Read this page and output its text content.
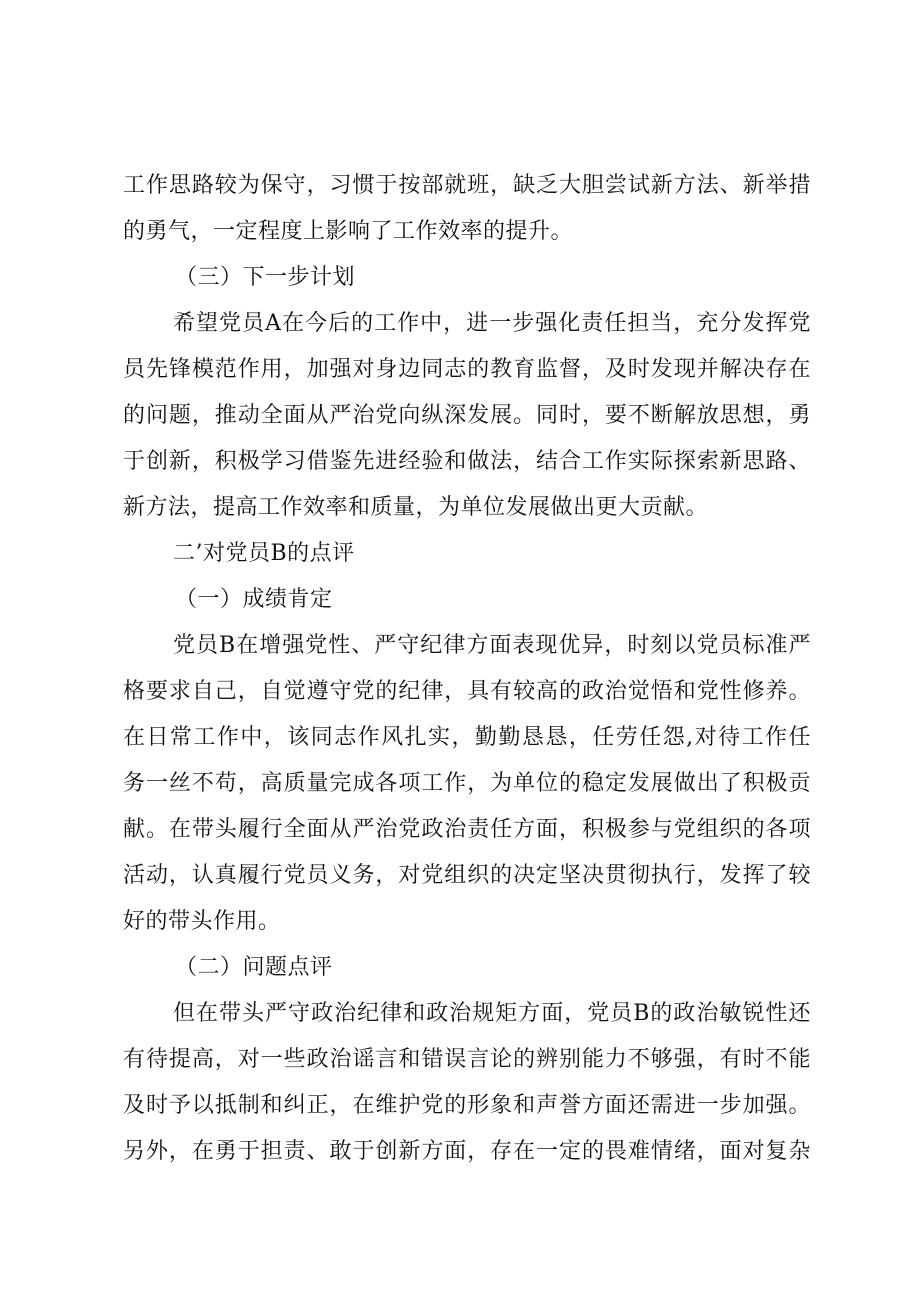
工作思路较为保守，习惯于按部就班，缺乏大胆尝试新方法、新举措
的勇气，一定程度上影响了工作效率的提升。
（三）下一步计划
希望党员A在今后的工作中，进一步强化责任担当，充分发挥党
员先锋模范作用，加强对身边同志的教育监督，及时发现并解决存在
的问题，推动全面从严治党向纵深发展。同时，要不断解放思想，勇
于创新，积极学习借鉴先进经验和做法，结合工作实际探索新思路、
新方法，提高工作效率和质量，为单位发展做出更大贡献。
二’对党员B的点评
（一）成绩肯定
党员B在增强党性、严守纪律方面表现优异，时刻以党员标准严
格要求自己，自觉遵守党的纪律，具有较高的政治觉悟和党性修养。
在日常工作中，该同志作风扎实，勤勤恳恳，任劳任怨,对待工作任
务一丝不苟，高质量完成各项工作，为单位的稳定发展做出了积极贡
献。在带头履行全面从严治党政治责任方面，积极参与党组织的各项
活动，认真履行党员义务，对党组织的决定坚决贯彻执行，发挥了较
好的带头作用。
（二）问题点评
但在带头严守政治纪律和政治规矩方面，党员B的政治敏锐性还
有待提高，对一些政治谣言和错误言论的辨别能力不够强，有时不能
及时予以抵制和纠正，在维护党的形象和声誉方面还需进一步加强。
另外，在勇于担责、敢于创新方面，存在一定的畏难情绪，面对复杂
